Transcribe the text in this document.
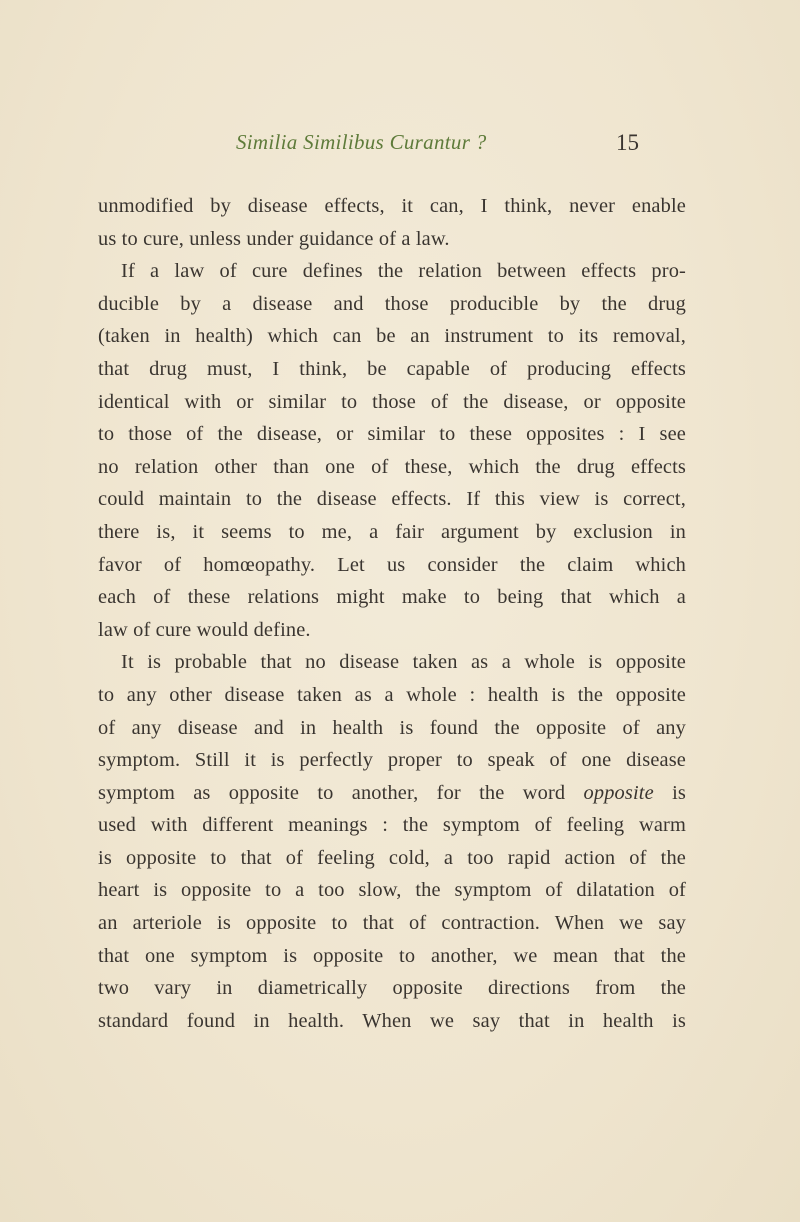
Similia Similibus Curantur ?	15
unmodified by disease effects, it can, I think, never enable
us to cure, unless under guidance of a law.
If a law of cure defines the relation between effects pro-
ducible by a disease and those producible by the drug
(taken in health) which can be an instrument to its removal,
that drug must, I think, be capable of producing effects
identical with or similar to those of the disease, or opposite
to those of the disease, or similar to these opposites : I see
no relation other than one of these, which the drug effects
could maintain to the disease effects. If this view is correct,
there is, it seems to me, a fair argument by exclusion in
favor of homœopathy. Let us consider the claim which
each of these relations might make to being that which a
law of cure would define.
It is probable that no disease taken as a whole is opposite
to any other disease taken as a whole : health is the opposite
of any disease and in health is found the opposite of any
symptom. Still it is perfectly proper to speak of one disease
symptom as opposite to another, for the word opposite is
used with different meanings : the symptom of feeling warm
is opposite to that of feeling cold, a too rapid action of the
heart is opposite to a too slow, the symptom of dilatation of
an arteriole is opposite to that of contraction. When we say
that one symptom is opposite to another, we mean that the
two vary in diametrically opposite directions from the
standard found in health. When we say that in health is
